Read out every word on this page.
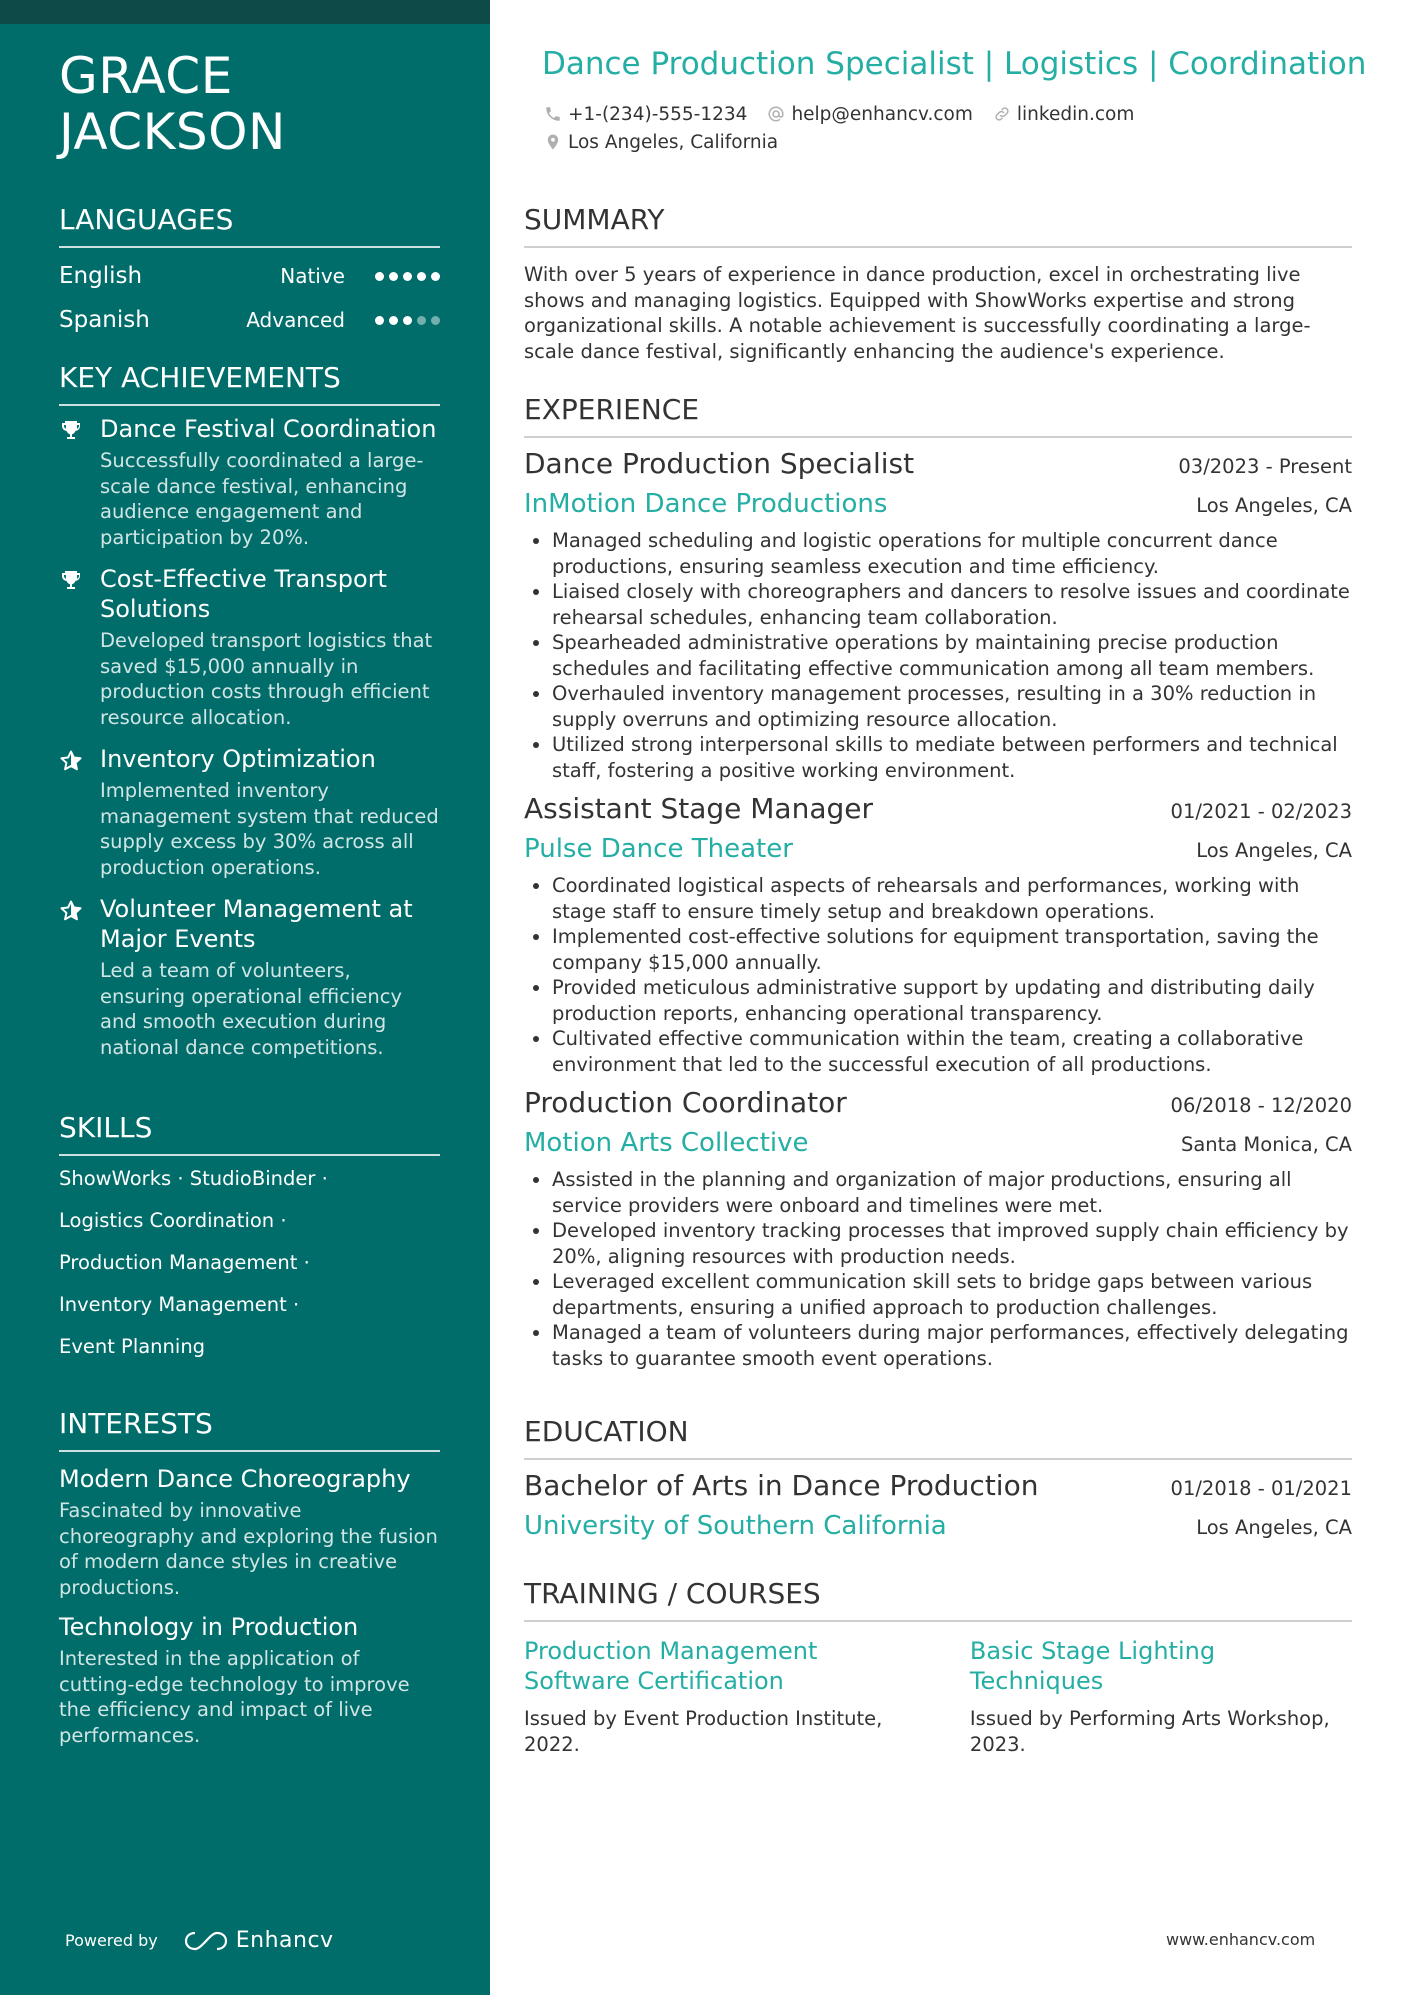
GRACE
JACKSON
LANGUAGES
English	Native
Spanish	Advanced
KEY ACHIEVEMENTS
Dance Festival Coordination
Successfully coordinated a large-scale dance festival, enhancing audience engagement and participation by 20%.
Cost-Effective Transport Solutions
Developed transport logistics that saved $15,000 annually in production costs through efficient resource allocation.
Inventory Optimization
Implemented inventory management system that reduced supply excess by 30% across all production operations.
Volunteer Management at Major Events
Led a team of volunteers, ensuring operational efficiency and smooth execution during national dance competitions.
SKILLS
ShowWorks · StudioBinder ·
Logistics Coordination ·
Production Management ·
Inventory Management ·
Event Planning
INTERESTS
Modern Dance Choreography
Fascinated by innovative choreography and exploring the fusion of modern dance styles in creative productions.
Technology in Production
Interested in the application of cutting-edge technology to improve the efficiency and impact of live performances.
Powered by	Enhancv
Dance Production Specialist | Logistics | Coordination
+1-(234)-555-1234 help@enhancv.com linkedin.com
Los Angeles, California
SUMMARY
With over 5 years of experience in dance production, excel in orchestrating live shows and managing logistics. Equipped with ShowWorks expertise and strong organizational skills. A notable achievement is successfully coordinating a large-scale dance festival, significantly enhancing the audience's experience.
EXPERIENCE
Dance Production Specialist	03/2023 - Present
InMotion Dance Productions	Los Angeles, CA
• Managed scheduling and logistic operations for multiple concurrent dance productions, ensuring seamless execution and time efficiency.
• Liaised closely with choreographers and dancers to resolve issues and coordinate rehearsal schedules, enhancing team collaboration.
• Spearheaded administrative operations by maintaining precise production schedules and facilitating effective communication among all team members.
• Overhauled inventory management processes, resulting in a 30% reduction in supply overruns and optimizing resource allocation.
• Utilized strong interpersonal skills to mediate between performers and technical staff, fostering a positive working environment.
Assistant Stage Manager	01/2021 - 02/2023
Pulse Dance Theater	Los Angeles, CA
• Coordinated logistical aspects of rehearsals and performances, working with stage staff to ensure timely setup and breakdown operations.
• Implemented cost-effective solutions for equipment transportation, saving the company $15,000 annually.
• Provided meticulous administrative support by updating and distributing daily production reports, enhancing operational transparency.
• Cultivated effective communication within the team, creating a collaborative environment that led to the successful execution of all productions.
Production Coordinator	06/2018 - 12/2020
Motion Arts Collective	Santa Monica, CA
• Assisted in the planning and organization of major productions, ensuring all service providers were onboard and timelines were met.
• Developed inventory tracking processes that improved supply chain efficiency by 20%, aligning resources with production needs.
• Leveraged excellent communication skill sets to bridge gaps between various departments, ensuring a unified approach to production challenges.
• Managed a team of volunteers during major performances, effectively delegating tasks to guarantee smooth event operations.
EDUCATION
Bachelor of Arts in Dance Production	01/2018 - 01/2021
University of Southern California	Los Angeles, CA
TRAINING / COURSES
Production Management Software Certification
Issued by Event Production Institute, 2022.
Basic Stage Lighting Techniques
Issued by Performing Arts Workshop, 2023.
www.enhancv.com
